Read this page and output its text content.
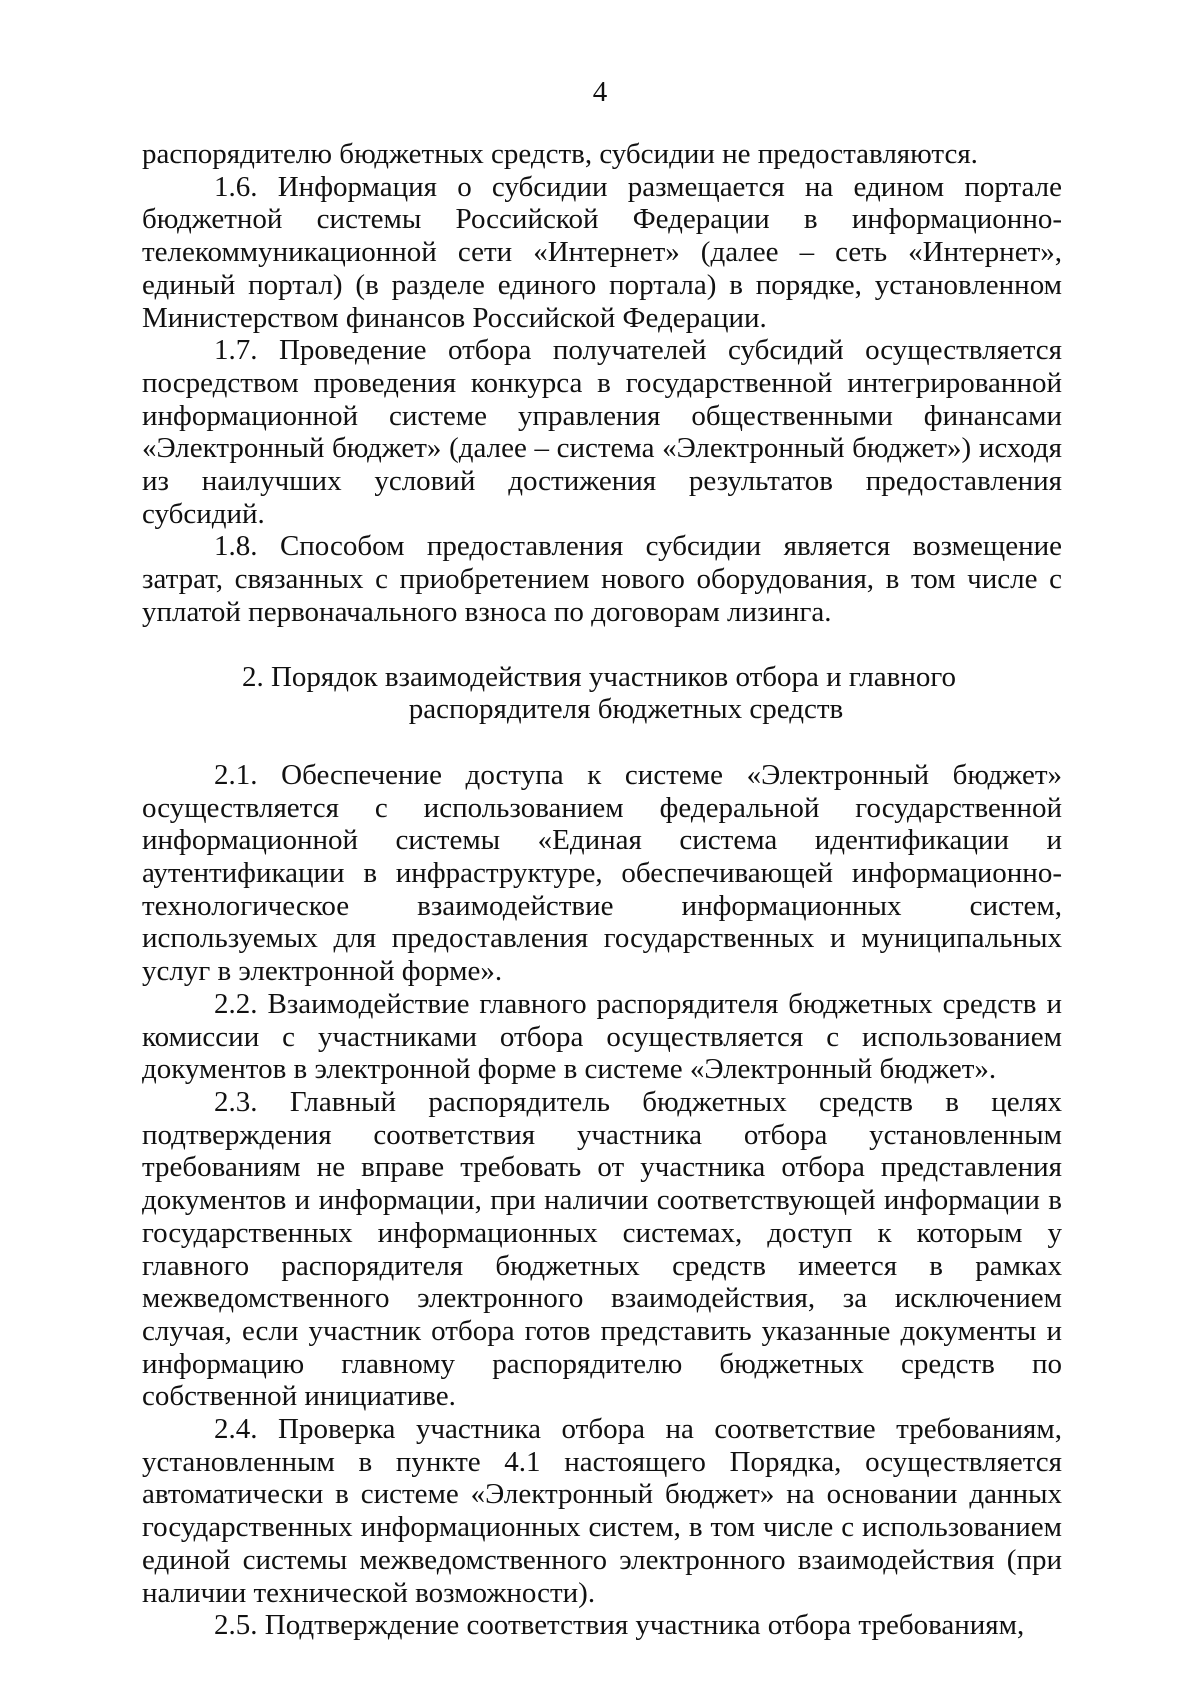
4

распорядителю бюджетных средств, субсидии не предоставляются.

1.6. Информация о субсидии размещается на едином портале бюджетной системы Российской Федерации в информационно-телекоммуникационной сети «Интернет» (далее – сеть «Интернет», единый портал) (в разделе единого портала) в порядке, установленном Министерством финансов Российской Федерации.

1.7. Проведение отбора получателей субсидий осуществляется посредством проведения конкурса в государственной интегрированной информационной системе управления общественными финансами «Электронный бюджет» (далее – система «Электронный бюджет») исходя из наилучших условий достижения результатов предоставления субсидий.

1.8. Способом предоставления субсидии является возмещение затрат, связанных с приобретением нового оборудования, в том числе с уплатой первоначального взноса по договорам лизинга.

2. Порядок взаимодействия участников отбора и главного
распорядителя бюджетных средств

2.1. Обеспечение доступа к системе «Электронный бюджет» осуществляется с использованием федеральной государственной информационной системы «Единая система идентификации и аутентификации в инфраструктуре, обеспечивающей информационно-технологическое взаимодействие информационных систем, используемых для предоставления государственных и муниципальных услуг в электронной форме».

2.2. Взаимодействие главного распорядителя бюджетных средств и комиссии с участниками отбора осуществляется с использованием документов в электронной форме в системе «Электронный бюджет».

2.3. Главный распорядитель бюджетных средств в целях подтверждения соответствия участника отбора установленным требованиям не вправе требовать от участника отбора представления документов и информации, при наличии соответствующей информации в государственных информационных системах, доступ к которым у главного распорядителя бюджетных средств имеется в рамках межведомственного электронного взаимодействия, за исключением случая, если участник отбора готов представить указанные документы и информацию главному распорядителю бюджетных средств по собственной инициативе.

2.4. Проверка участника отбора на соответствие требованиям, установленным в пункте 4.1 настоящего Порядка, осуществляется автоматически в системе «Электронный бюджет» на основании данных государственных информационных систем, в том числе с использованием единой системы межведомственного электронного взаимодействия (при наличии технической возможности).

2.5. Подтверждение соответствия участника отбора требованиям,
